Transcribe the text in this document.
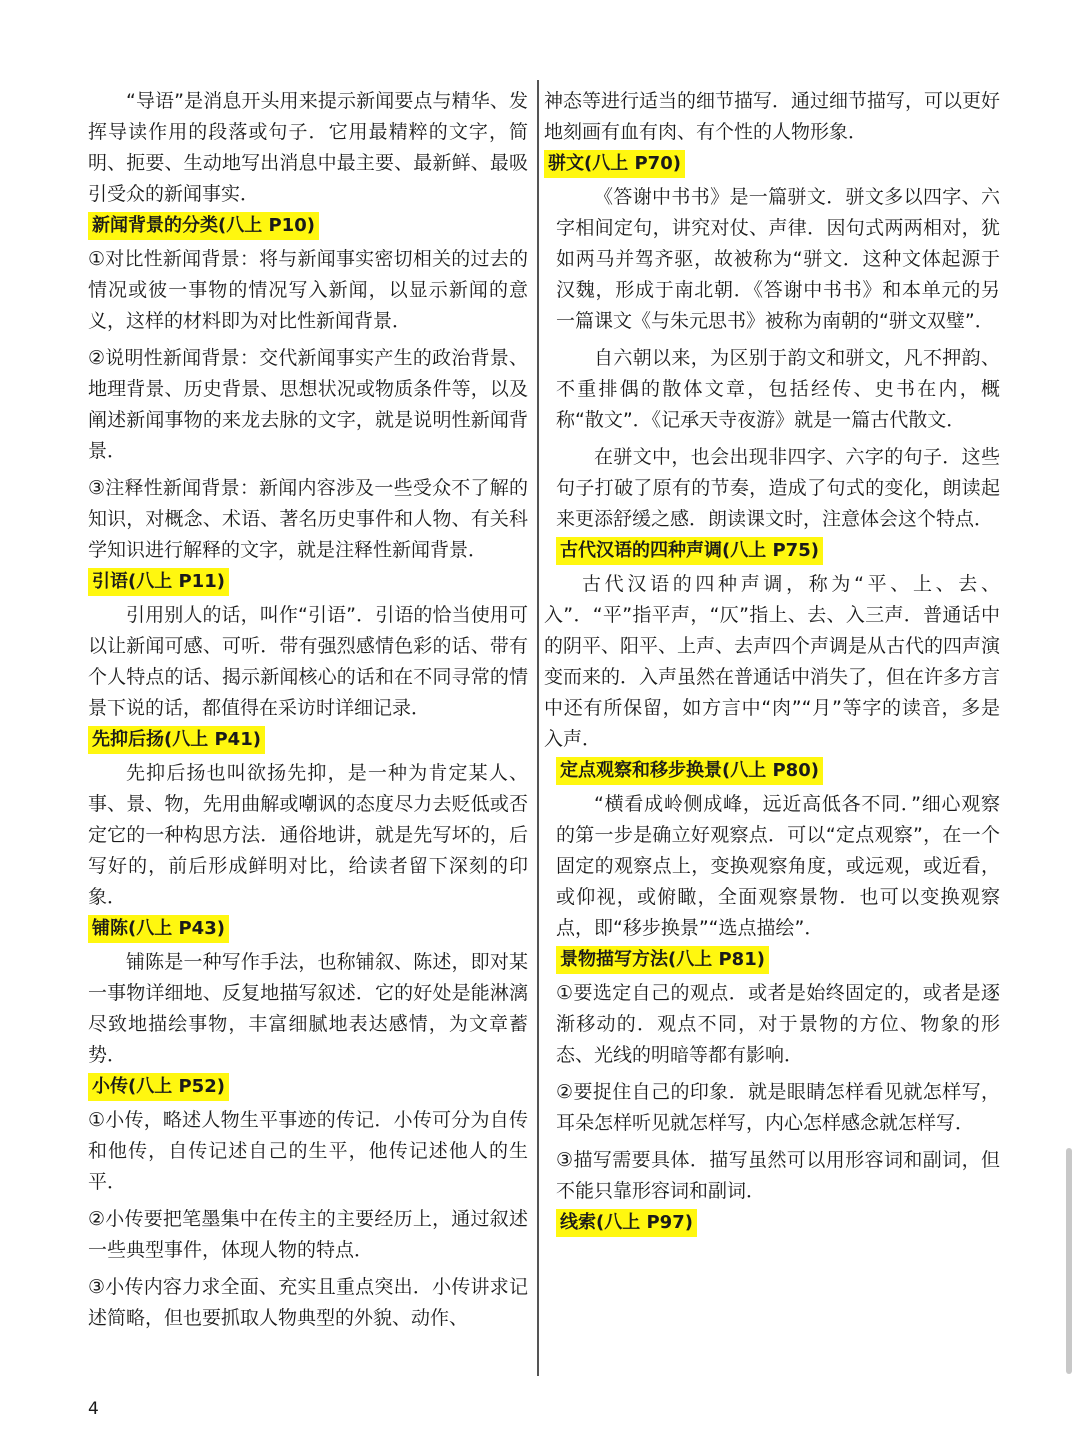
“导语”是消息开头用来提示新闻要点与精华、发挥导读作用的段落或句子．它用最精粹的文字，简明、扼要、生动地写出消息中最主要、最新鲜、最吸引受众的新闻事实．

新闻背景的分类(八上 P10)

①对比性新闻背景：将与新闻事实密切相关的过去的情况或彼一事物的情况写入新闻，以显示新闻的意义，这样的材料即为对比性新闻背景．

②说明性新闻背景：交代新闻事实产生的政治背景、地理背景、历史背景、思想状况或物质条件等，以及阐述新闻事物的来龙去脉的文字，就是说明性新闻背景．

③注释性新闻背景：新闻内容涉及一些受众不了解的知识，对概念、术语、著名历史事件和人物、有关科学知识进行解释的文字，就是注释性新闻背景．

引语(八上 P11)

引用别人的话，叫作“引语”．引语的恰当使用可以让新闻可感、可听．带有强烈感情色彩的话、带有个人特点的话、揭示新闻核心的话和在不同寻常的情景下说的话，都值得在采访时详细记录．

先抑后扬(八上 P41)

先抑后扬也叫欲扬先抑，是一种为肯定某人、事、景、物，先用曲解或嘲讽的态度尽力去贬低或否定它的一种构思方法．通俗地讲，就是先写坏的，后写好的，前后形成鲜明对比，给读者留下深刻的印象．

铺陈(八上 P43)

铺陈是一种写作手法，也称铺叙、陈述，即对某一事物详细地、反复地描写叙述．它的好处是能淋漓尽致地描绘事物，丰富细腻地表达感情，为文章蓄势．

小传(八上 P52)

①小传，略述人物生平事迹的传记．小传可分为自传和他传，自传记述自己的生平，他传记述他人的生平．

②小传要把笔墨集中在传主的主要经历上，通过叙述一些典型事件，体现人物的特点．

③小传内容力求全面、充实且重点突出．小传讲求记述简略，但也要抓取人物典型的外貌、动作、

神态等进行适当的细节描写．通过细节描写，可以更好地刻画有血有肉、有个性的人物形象．

骈文(八上 P70)

《答谢中书书》是一篇骈文．骈文多以四字、六字相间定句，讲究对仗、声律．因句式两两相对，犹如两马并驾齐驱，故被称为“骈文．这种文体起源于汉魏，形成于南北朝．《答谢中书书》和本单元的另一篇课文《与朱元思书》被称为南朝的“骈文双璧”．

自六朝以来，为区别于韵文和骈文，凡不押韵、不重排偶的散体文章，包括经传、史书在内，概称“散文”．《记承天寺夜游》就是一篇古代散文．

在骈文中，也会出现非四字、六字的句子．这些句子打破了原有的节奏，造成了句式的变化，朗读起来更添舒缓之感．朗读课文时，注意体会这个特点．

古代汉语的四种声调(八上 P75)

古代汉语的四种声调，称为“平、上、去、入”．“平”指平声，“仄”指上、去、入三声．普通话中的阴平、阳平、上声、去声四个声调是从古代的四声演变而来的．入声虽然在普通话中消失了，但在许多方言中还有所保留，如方言中“肉”“月”等字的读音，多是入声．

定点观察和移步换景(八上 P80)

“横看成岭侧成峰，远近高低各不同．”细心观察的第一步是确立好观察点．可以“定点观察”，在一个固定的观察点上，变换观察角度，或远观，或近看，或仰视，或俯瞰，全面观察景物．也可以变换观察点，即“移步换景”“选点描绘”．

景物描写方法(八上 P81)

①要选定自己的观点．或者是始终固定的，或者是逐渐移动的．观点不同，对于景物的方位、物象的形态、光线的明暗等都有影响．

②要捉住自己的印象．就是眼睛怎样看见就怎样写，耳朵怎样听见就怎样写，内心怎样感念就怎样写．

③描写需要具体．描写虽然可以用形容词和副词，但不能只靠形容词和副词．

线索(八上 P97)
4
